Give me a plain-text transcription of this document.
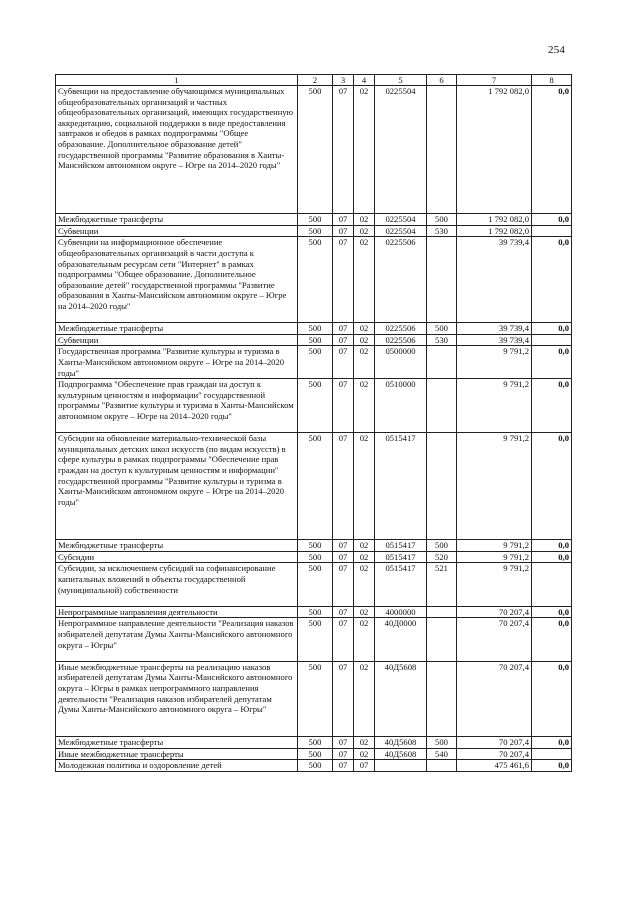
254
1	2	3	4	5	6	7	8
Субвенции на предоставление обучающимся муниципальных общеобразовательных организаций и частных общеобразовательных организаций, имеющих государственную аккредитацию, социальной поддержки в виде предоставления завтраков и обедов в рамках подпрограммы "Общее образование. Дополнительное образование детей" государственной программы "Развитие образования в Ханты-Мансийском автономном округе – Югре на 2014–2020 годы"	500	07	02	0225504		1 792 082,0	0,0
Межбюджетные трансферты	500	07	02	0225504	500	1 792 082,0	0,0
Субвенции	500	07	02	0225504	530	1 792 082,0	
Субвенции на информационное обеспечение общеобразовательных организаций в части доступа к образовательным ресурсам сети "Интернет" в рамках подпрограммы "Общее образование. Дополнительное образование детей" государственной программы "Развитие образования в Ханты-Мансийском автономном округе – Югре на 2014–2020 годы"	500	07	02	0225506		39 739,4	0,0
Межбюджетные трансферты	500	07	02	0225506	500	39 739,4	0,0
Субвенции	500	07	02	0225506	530	39 739,4	
Государственная программа "Развитие культуры и туризма в Ханты-Мансийском автономном округе – Югре на 2014–2020 годы"	500	07	02	0500000		9 791,2	0,0
Подпрограмма "Обеспечение прав граждан на доступ к культурным ценностям и информации" государственной программы "Развитие культуры и туризма в Ханты-Мансийском автономном округе – Югре на 2014–2020 годы"	500	07	02	0510000		9 791,2	0,0
Субсидии на обновление материально-технической базы муниципальных детских школ искусств (по видам искусств) в сфере культуры в рамках подпрограммы "Обеспечение прав граждан на доступ к культурным ценностям и информации" государственной программы "Развитие культуры и туризма в Ханты-Мансийском автономном округе – Югре на 2014–2020 годы"	500	07	02	0515417		9 791,2	0,0
Межбюджетные трансферты	500	07	02	0515417	500	9 791,2	0,0
Субсидии	500	07	02	0515417	520	9 791,2	0,0
Субсидии, за исключением субсидий на софинансирование капитальных вложений в объекты государственной (муниципальной) собственности	500	07	02	0515417	521	9 791,2	
Непрограммные направления деятельности	500	07	02	4000000		70 207,4	0,0
Непрограммное направление деятельности "Реализация наказов избирателей депутатам Думы Ханты-Мансийского автономного округа – Югры"	500	07	02	40Д0000		70 207,4	0,0
Иные межбюджетные трансферты на реализацию наказов избирателей депутатам Думы Ханты-Мансийского автономного округа – Югры в рамках непрограммного направления деятельности "Реализация наказов избирателей депутатам Думы Ханты-Мансийского автономного округа – Югры"	500	07	02	40Д5608		70 207,4	0,0
Межбюджетные трансферты	500	07	02	40Д5608	500	70 207,4	0,0
Иные межбюджетные трансферты	500	07	02	40Д5608	540	70 207,4	
Молодежная политика и оздоровление детей	500	07	07			475 461,6	0,0
